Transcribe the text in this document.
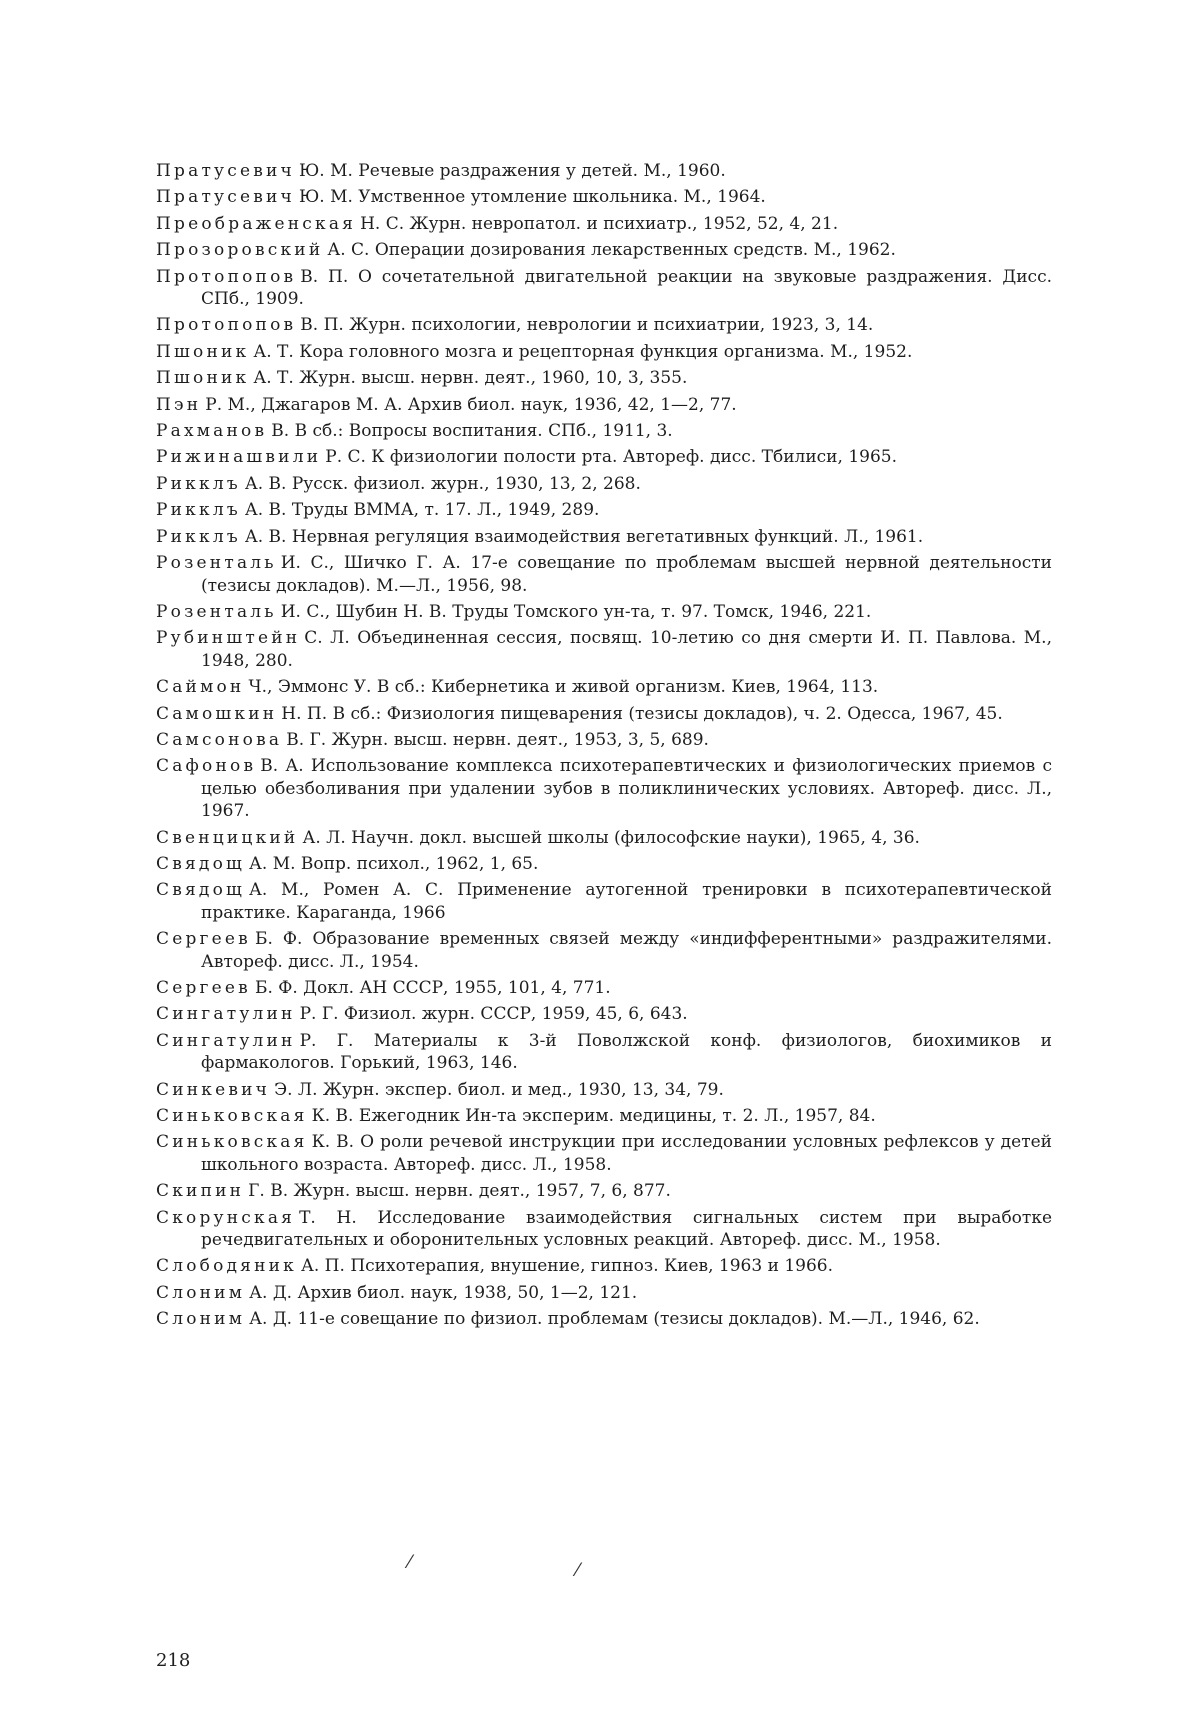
Пратусевич Ю. М. Речевые раздражения у детей. М., 1960.
Пратусевич Ю. М. Умственное утомление школьника. М., 1964.
Преображенская Н. С. Журн. невропатол. и психиатр., 1952, 52, 4, 21.
Прозоровский А. С. Операции дозирования лекарственных средств. М., 1962.
Протопопов В. П. О сочетательной двигательной реакции на звуковые раздражения. Дисс. СПб., 1909.
Протопопов В. П. Журн. психологии, неврологии и психиатрии, 1923, 3, 14.
Пшоник А. Т. Кора головного мозга и рецепторная функция организма. М., 1952.
Пшоник А. Т. Журн. высш. нервн. деят., 1960, 10, 3, 355.
Пэн Р. М., Джагаров М. А. Архив биол. наук, 1936, 42, 1—2, 77.
Рахманов В. В сб.: Вопросы воспитания. СПб., 1911, 3.
Рижинашвили Р. С. К физиологии полости рта. Автореф. дисс. Тбилиси, 1965.
Рикклъ А. В. Русск. физиол. журн., 1930, 13, 2, 268.
Рикклъ А. В. Труды ВММА, т. 17. Л., 1949, 289.
Рикклъ А. В. Нервная регуляция взаимодействия вегетативных функций. Л., 1961.
Розенталь И. С., Шичко Г. А. 17-е совещание по проблемам высшей нервной деятельности (тезисы докладов). М.—Л., 1956, 98.
Розенталь И. С., Шубин Н. В. Труды Томского ун-та, т. 97. Томск, 1946, 221.
Рубинштейн С. Л. Объединенная сессия, посвящ. 10-летию со дня смерти И. П. Павлова. М., 1948, 280.
Саймон Ч., Эммонс У. В сб.: Кибернетика и живой организм. Киев, 1964, 113.
Самошкин Н. П. В сб.: Физиология пищеварения (тезисы докладов), ч. 2. Одесса, 1967, 45.
Самсонова В. Г. Журн. высш. нервн. деят., 1953, 3, 5, 689.
Сафонов В. А. Использование комплекса психотерапевтических и физиологических приемов с целью обезболивания при удалении зубов в поликлинических условиях. Автореф. дисс. Л., 1967.
Свенцицкий А. Л. Научн. докл. высшей школы (философские науки), 1965, 4, 36.
Свядощ А. М. Вопр. психол., 1962, 1, 65.
Свядощ А. М., Ромен А. С. Применение аутогенной тренировки в психотерапевтической практике. Караганда, 1966
Сергеев Б. Ф. Образование временных связей между «индифферентными» раздражителями. Автореф. дисс. Л., 1954.
Сергеев Б. Ф. Докл. АН СССР, 1955, 101, 4, 771.
Сингатулин Р. Г. Физиол. журн. СССР, 1959, 45, 6, 643.
Сингатулин Р. Г. Материалы к 3-й Поволжской конф. физиологов, биохимиков и фармакологов. Горький, 1963, 146.
Синкевич Э. Л. Журн. экспер. биол. и мед., 1930, 13, 34, 79.
Синьковская К. В. Ежегодник Ин-та эксперим. медицины, т. 2. Л., 1957, 84.
Синьковская К. В. О роли речевой инструкции при исследовании условных рефлексов у детей школьного возраста. Автореф. дисс. Л., 1958.
Скипин Г. В. Журн. высш. нервн. деят., 1957, 7, 6, 877.
Скорунская Т. Н. Исследование взаимодействия сигнальных систем при выработке речедвигательных и оборонительных условных реакций. Автореф. дисс. М., 1958.
Слободяник А. П. Психотерапия, внушение, гипноз. Киев, 1963 и 1966.
Слоним А. Д. Архив биол. наук, 1938, 50, 1—2, 121.
Слоним А. Д. 11-е совещание по физиол. проблемам (тезисы докладов). М.—Л., 1946, 62.
⁄	⁄
218
